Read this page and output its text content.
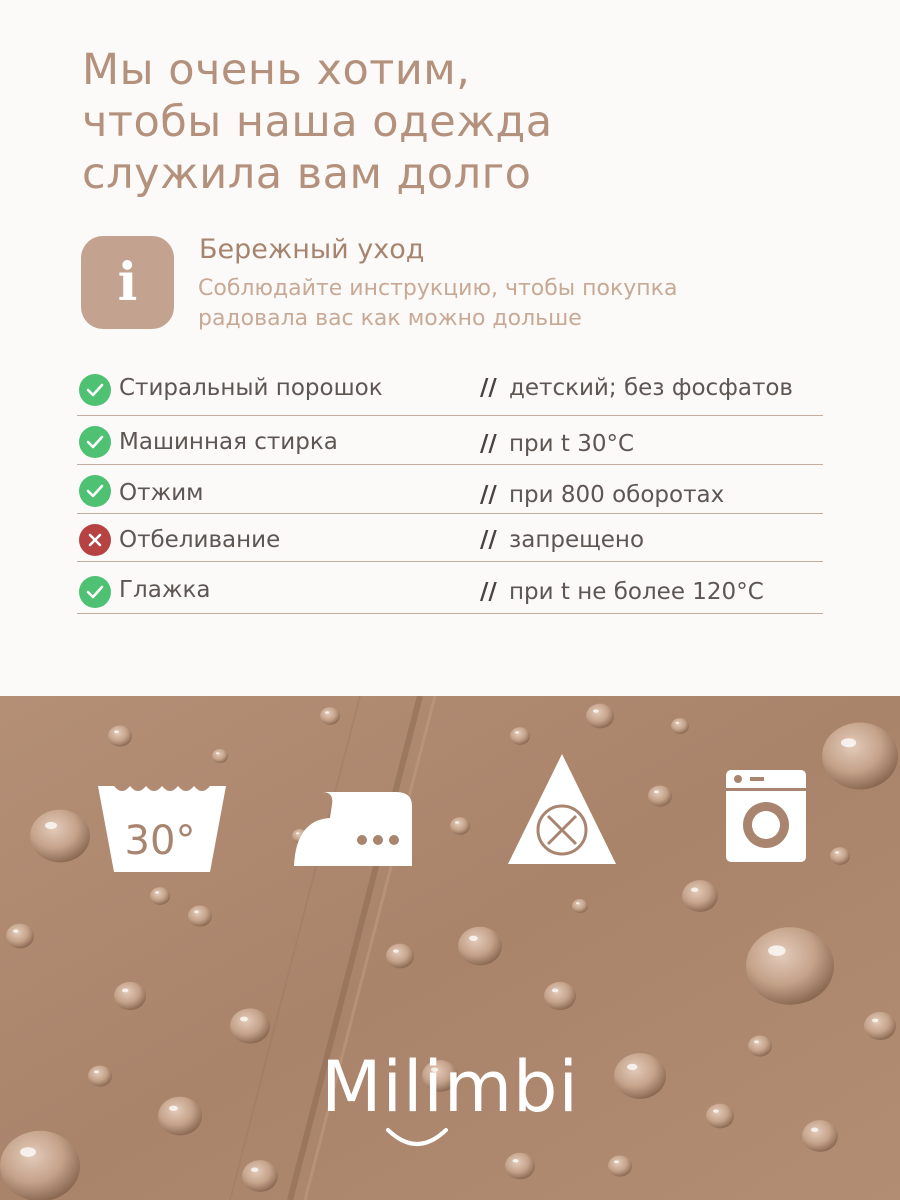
Мы очень хотим,
чтобы наша одежда
служила вам долго
i
Бережный уход

Соблюдайте инструкцию, чтобы покупка
радовала вас как можно дольше

Стиральный порошок	// детский; без фосфатов
Машинная стирка	// при t 30°C
Отжим	// при 800 оборотах
Отбеливание	// запрещено
Глажка	// при t не более 120°C
30°
Milimbi
